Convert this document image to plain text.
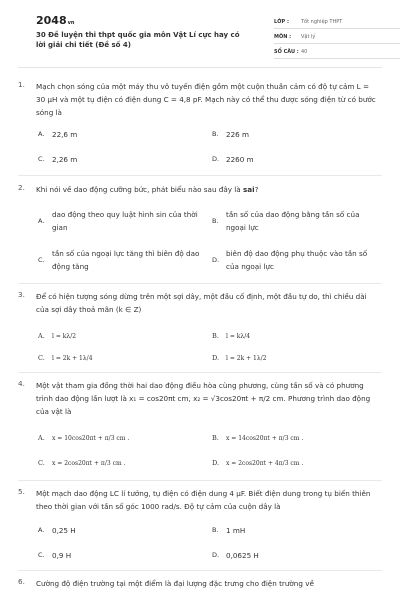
2048vn
30 Đề luyện thi thpt quốc gia môn Vật Lí cực hay có lời giải chi tiết (Đề số 4)
LỚP :	Tốt nghiệp THPT
MÔN :	Vật lý
SỐ CÂU : 40
1.	Mạch chọn sóng của một máy thu vô tuyến điện gồm một cuộn thuần cảm có độ tự cảm L = 30 μH và một tụ điện có điện dung C = 4,8 pF. Mạch này có thể thu được sóng điện từ có bước sóng là
A.	22,6 m	B.	226 m
C.	2,26 m	D. 2260 m
2.	Khi nói về dao động cưỡng bức, phát biểu nào sau đây là sai?
A.
dao động theo quy luật hình sin của thời gian
B.
tần số của dao động bằng tần số của ngoại lực
C.
tần số của ngoại lực tăng thì biên độ dao động tăng
D.
biên độ dao động phụ thuộc vào tần số của ngoại lực
3.	Để có hiện tượng sóng dừng trên một sợi dây, một đầu cố định, một đầu tự do, thì chiều dài của sợi dây thoả mãn (k ∈ Z)
A.	l = kλ/2	B.	l = kλ/4
C.	l = 2k + 1λ/4	D.	l = 2k + 1λ/2
4.	Một vật tham gia đồng thời hai dao động điều hòa cùng phương, cùng tần số và có phương trình dao động lần lượt là x₁ = cos20πt cm, x₂ = √3cos20πt + π/2 cm. Phương trình dao động của vật là
A.	x = 10cos20πt + π/3 cm .	B.	x = 14cos20πt + π/3 cm .
C.	x = 2cos20πt + π/3 cm .	D.	x = 2cos20πt + 4π/3 cm .
5.	Một mạch dao động LC lí tưởng, tụ điện có điện dung 4 μF. Biết điện dung trong tụ biến thiên theo thời gian với tần số góc 1000 rad/s. Độ tự cảm của cuộn dây là
A.	0,25 H	B.	1 mH
C.	0,9 H	D. 0,0625 H
6.	Cường độ điện trường tại một điểm là đại lượng đặc trưng cho điện trường về
